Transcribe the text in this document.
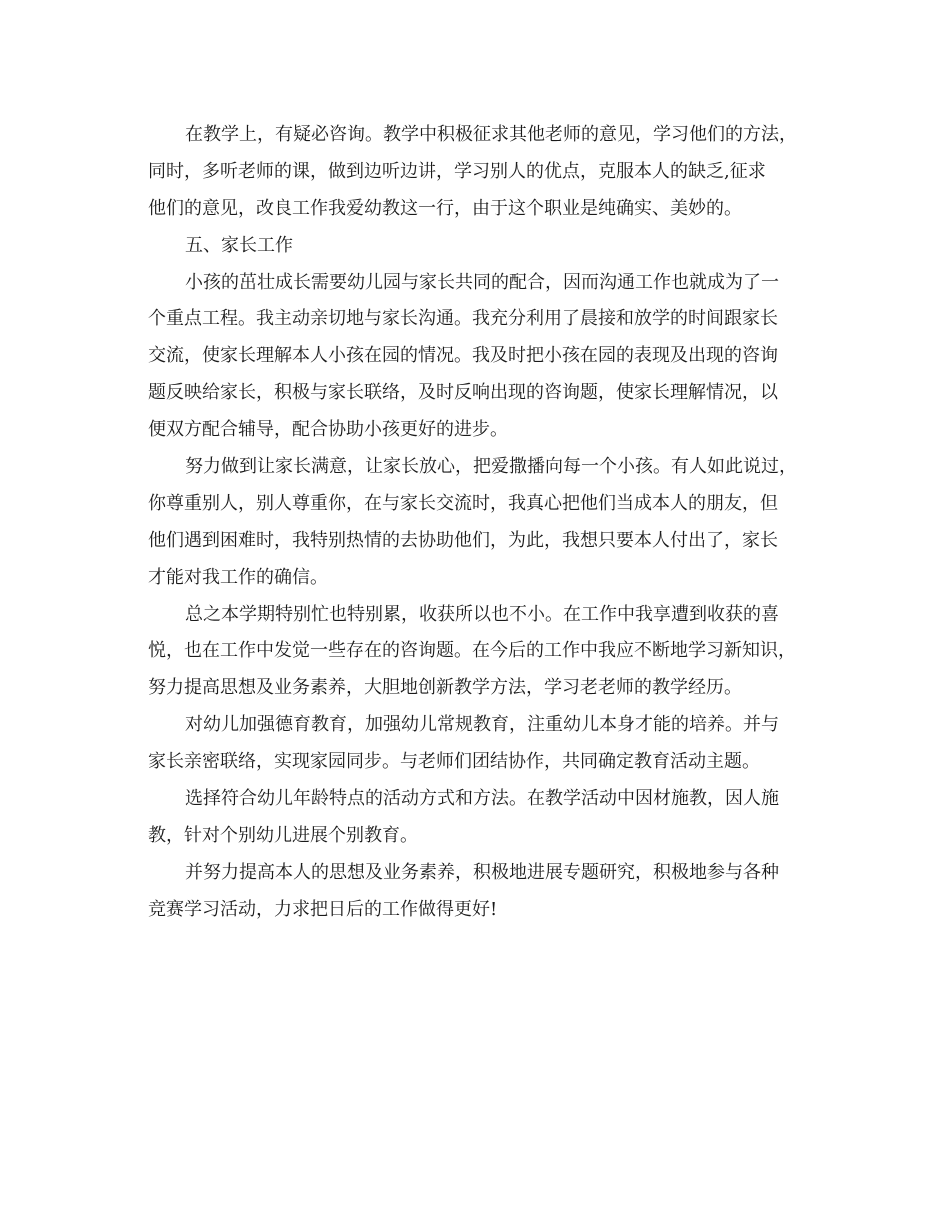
在教学上，有疑必咨询。教学中积极征求其他老师的意见，学习他们的方法，
同时，多听老师的课，做到边听边讲，学习别人的优点，克服本人的缺乏,征求
他们的意见，改良工作我爱幼教这一行，由于这个职业是纯确实、美妙的。
五、家长工作
小孩的茁壮成长需要幼儿园与家长共同的配合，因而沟通工作也就成为了一
个重点工程。我主动亲切地与家长沟通。我充分利用了晨接和放学的时间跟家长
交流，使家长理解本人小孩在园的情况。我及时把小孩在园的表现及出现的咨询
题反映给家长，积极与家长联络，及时反响出现的咨询题，使家长理解情况，以
便双方配合辅导，配合协助小孩更好的进步。
努力做到让家长满意，让家长放心，把爱撒播向每一个小孩。有人如此说过，
你尊重别人，别人尊重你，在与家长交流时，我真心把他们当成本人的朋友，但
他们遇到困难时，我特别热情的去协助他们，为此，我想只要本人付出了，家长
才能对我工作的确信。
总之本学期特别忙也特别累，收获所以也不小。在工作中我享遭到收获的喜
悦，也在工作中发觉一些存在的咨询题。在今后的工作中我应不断地学习新知识，
努力提高思想及业务素养，大胆地创新教学方法，学习老老师的教学经历。
对幼儿加强德育教育，加强幼儿常规教育，注重幼儿本身才能的培养。并与
家长亲密联络，实现家园同步。与老师们团结协作，共同确定教育活动主题。
选择符合幼儿年龄特点的活动方式和方法。在教学活动中因材施教，因人施
教，针对个别幼儿进展个别教育。
并努力提高本人的思想及业务素养，积极地进展专题研究，积极地参与各种
竞赛学习活动，力求把日后的工作做得更好!
